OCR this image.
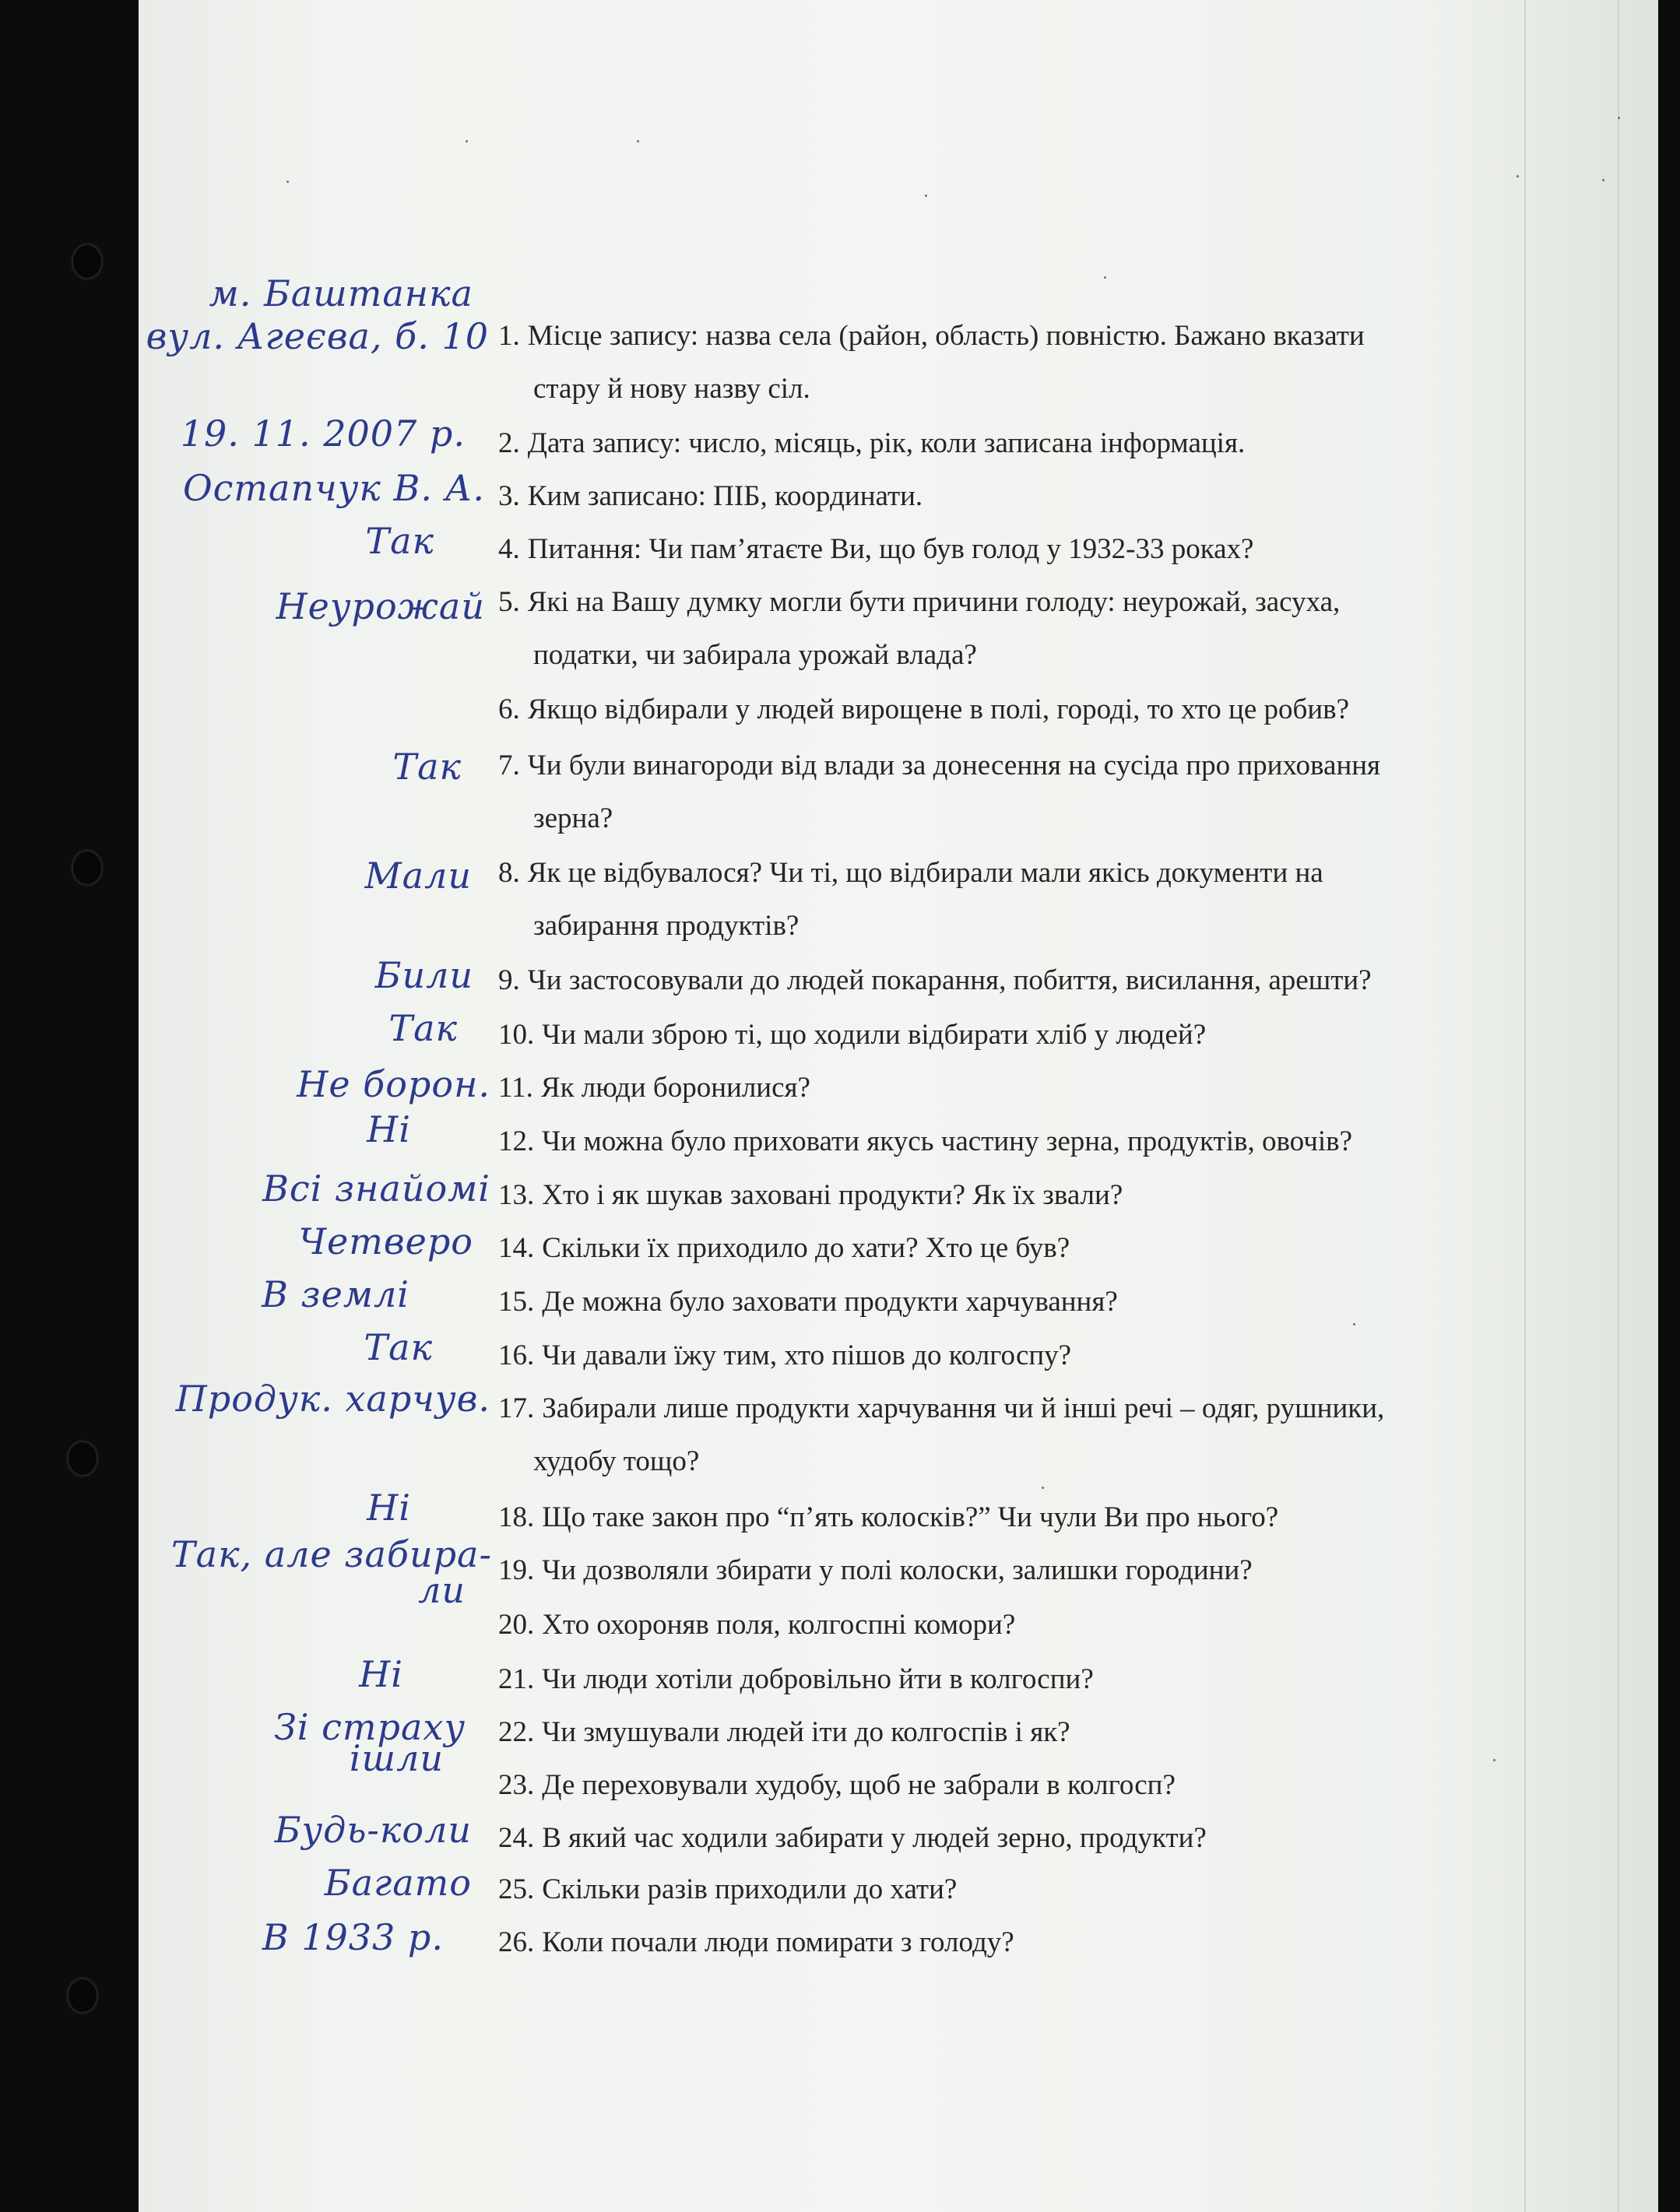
1. Місце запису: назва села (район, область) повністю. Бажано вказати
стару й нову назву сіл.
2. Дата запису: число, місяць, рік, коли записана інформація.
3. Ким записано: ПІБ, координати.
4. Питання: Чи пам’ятаєте Ви, що був голод у 1932-33 роках?
5. Які на Вашу думку могли бути причини голоду: неурожай, засуха,
податки, чи забирала урожай влада?
6. Якщо відбирали у людей вирощене в полі, городі, то хто це робив?
7. Чи були винагороди від влади за донесення на сусіда про приховання
зерна?
8. Як це відбувалося? Чи ті, що відбирали мали якісь документи на
забирання продуктів?
9. Чи застосовували до людей покарання, побиття, висилання, арешти?
10. Чи мали зброю ті, що ходили відбирати хліб у людей?
11. Як люди боронилися?
12. Чи можна було приховати якусь частину зерна, продуктів, овочів?
13. Хто і як шукав заховані продукти? Як їх звали?
14. Скільки їх приходило до хати? Хто це був?
15. Де можна було заховати продукти харчування?
16. Чи давали їжу тим, хто пішов до колгоспу?
17. Забирали лише продукти харчування чи й інші речі – одяг, рушники,
худобу тощо?
18. Що таке закон про “п’ять колосків?” Чи чули Ви про нього?
19. Чи дозволяли збирати у полі колоски, залишки городини?
20. Хто охороняв поля, колгоспні комори?
21. Чи люди хотіли добровільно йти в колгоспи?
22. Чи змушували людей іти до колгоспів і як?
23. Де переховували худобу, щоб не забрали в колгосп?
24. В який час ходили забирати у людей зерно, продукти?
25. Скільки разів приходили до хати?
26. Коли почали люди помирати з голоду?
м. Баштанка
вул. Агеєва, б. 10
19. 11. 2007 р.
Остапчук В. А.
Так
Неурожай
Так
Мали
Били
Так
Не борон.
Ні
Всі знайомі
Четверо
В землі
Так
Продук. харчув.
Ні
Так, але забира-
ли
Ні
Зі страху
ішли
Будь-коли
Багато
В 1933 р.
